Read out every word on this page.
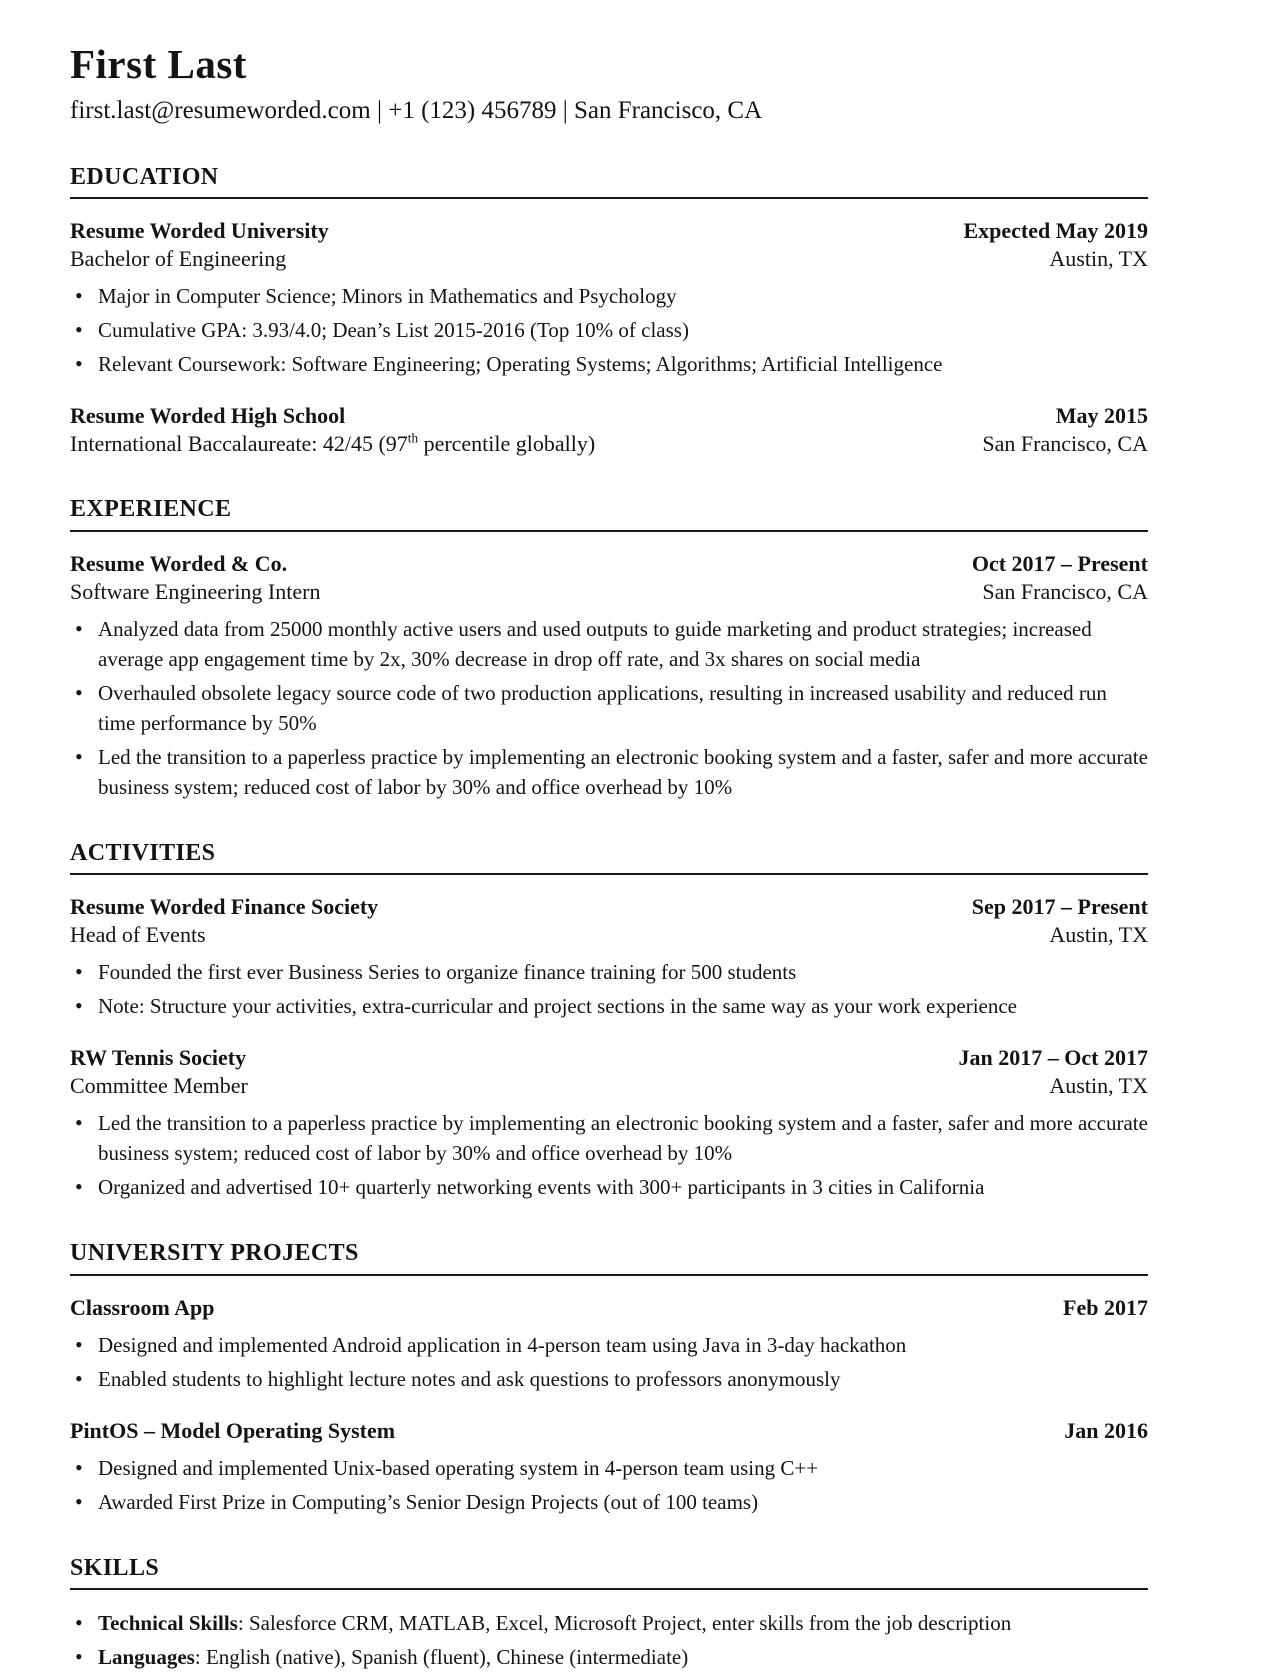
First Last
first.last@resumeworded.com | +1 (123) 456789 | San Francisco, CA
EDUCATION
Resume Worded University	Expected May 2019
Bachelor of Engineering	Austin, TX
• Major in Computer Science; Minors in Mathematics and Psychology
• Cumulative GPA: 3.93/4.0; Dean’s List 2015-2016 (Top 10% of class)
• Relevant Coursework: Software Engineering; Operating Systems; Algorithms; Artificial Intelligence
Resume Worded High School	May 2015
International Baccalaureate: 42/45 (97th percentile globally)	San Francisco, CA
EXPERIENCE
Resume Worded & Co.	Oct 2017 – Present
Software Engineering Intern	San Francisco, CA
• Analyzed data from 25000 monthly active users and used outputs to guide marketing and product strategies; increased average app engagement time by 2x, 30% decrease in drop off rate, and 3x shares on social media
• Overhauled obsolete legacy source code of two production applications, resulting in increased usability and reduced run time performance by 50%
• Led the transition to a paperless practice by implementing an electronic booking system and a faster, safer and more accurate business system; reduced cost of labor by 30% and office overhead by 10%
ACTIVITIES
Resume Worded Finance Society	Sep 2017 – Present
Head of Events	Austin, TX
• Founded the first ever Business Series to organize finance training for 500 students
• Note: Structure your activities, extra-curricular and project sections in the same way as your work experience
RW Tennis Society	Jan 2017 – Oct 2017
Committee Member	Austin, TX
• Led the transition to a paperless practice by implementing an electronic booking system and a faster, safer and more accurate business system; reduced cost of labor by 30% and office overhead by 10%
• Organized and advertised 10+ quarterly networking events with 300+ participants in 3 cities in California
UNIVERSITY PROJECTS
Classroom App	Feb 2017
• Designed and implemented Android application in 4-person team using Java in 3-day hackathon
• Enabled students to highlight lecture notes and ask questions to professors anonymously
PintOS – Model Operating System	Jan 2016
• Designed and implemented Unix-based operating system in 4-person team using C++
• Awarded First Prize in Computing’s Senior Design Projects (out of 100 teams)
SKILLS
• Technical Skills: Salesforce CRM, MATLAB, Excel, Microsoft Project, enter skills from the job description
• Languages: English (native), Spanish (fluent), Chinese (intermediate)
